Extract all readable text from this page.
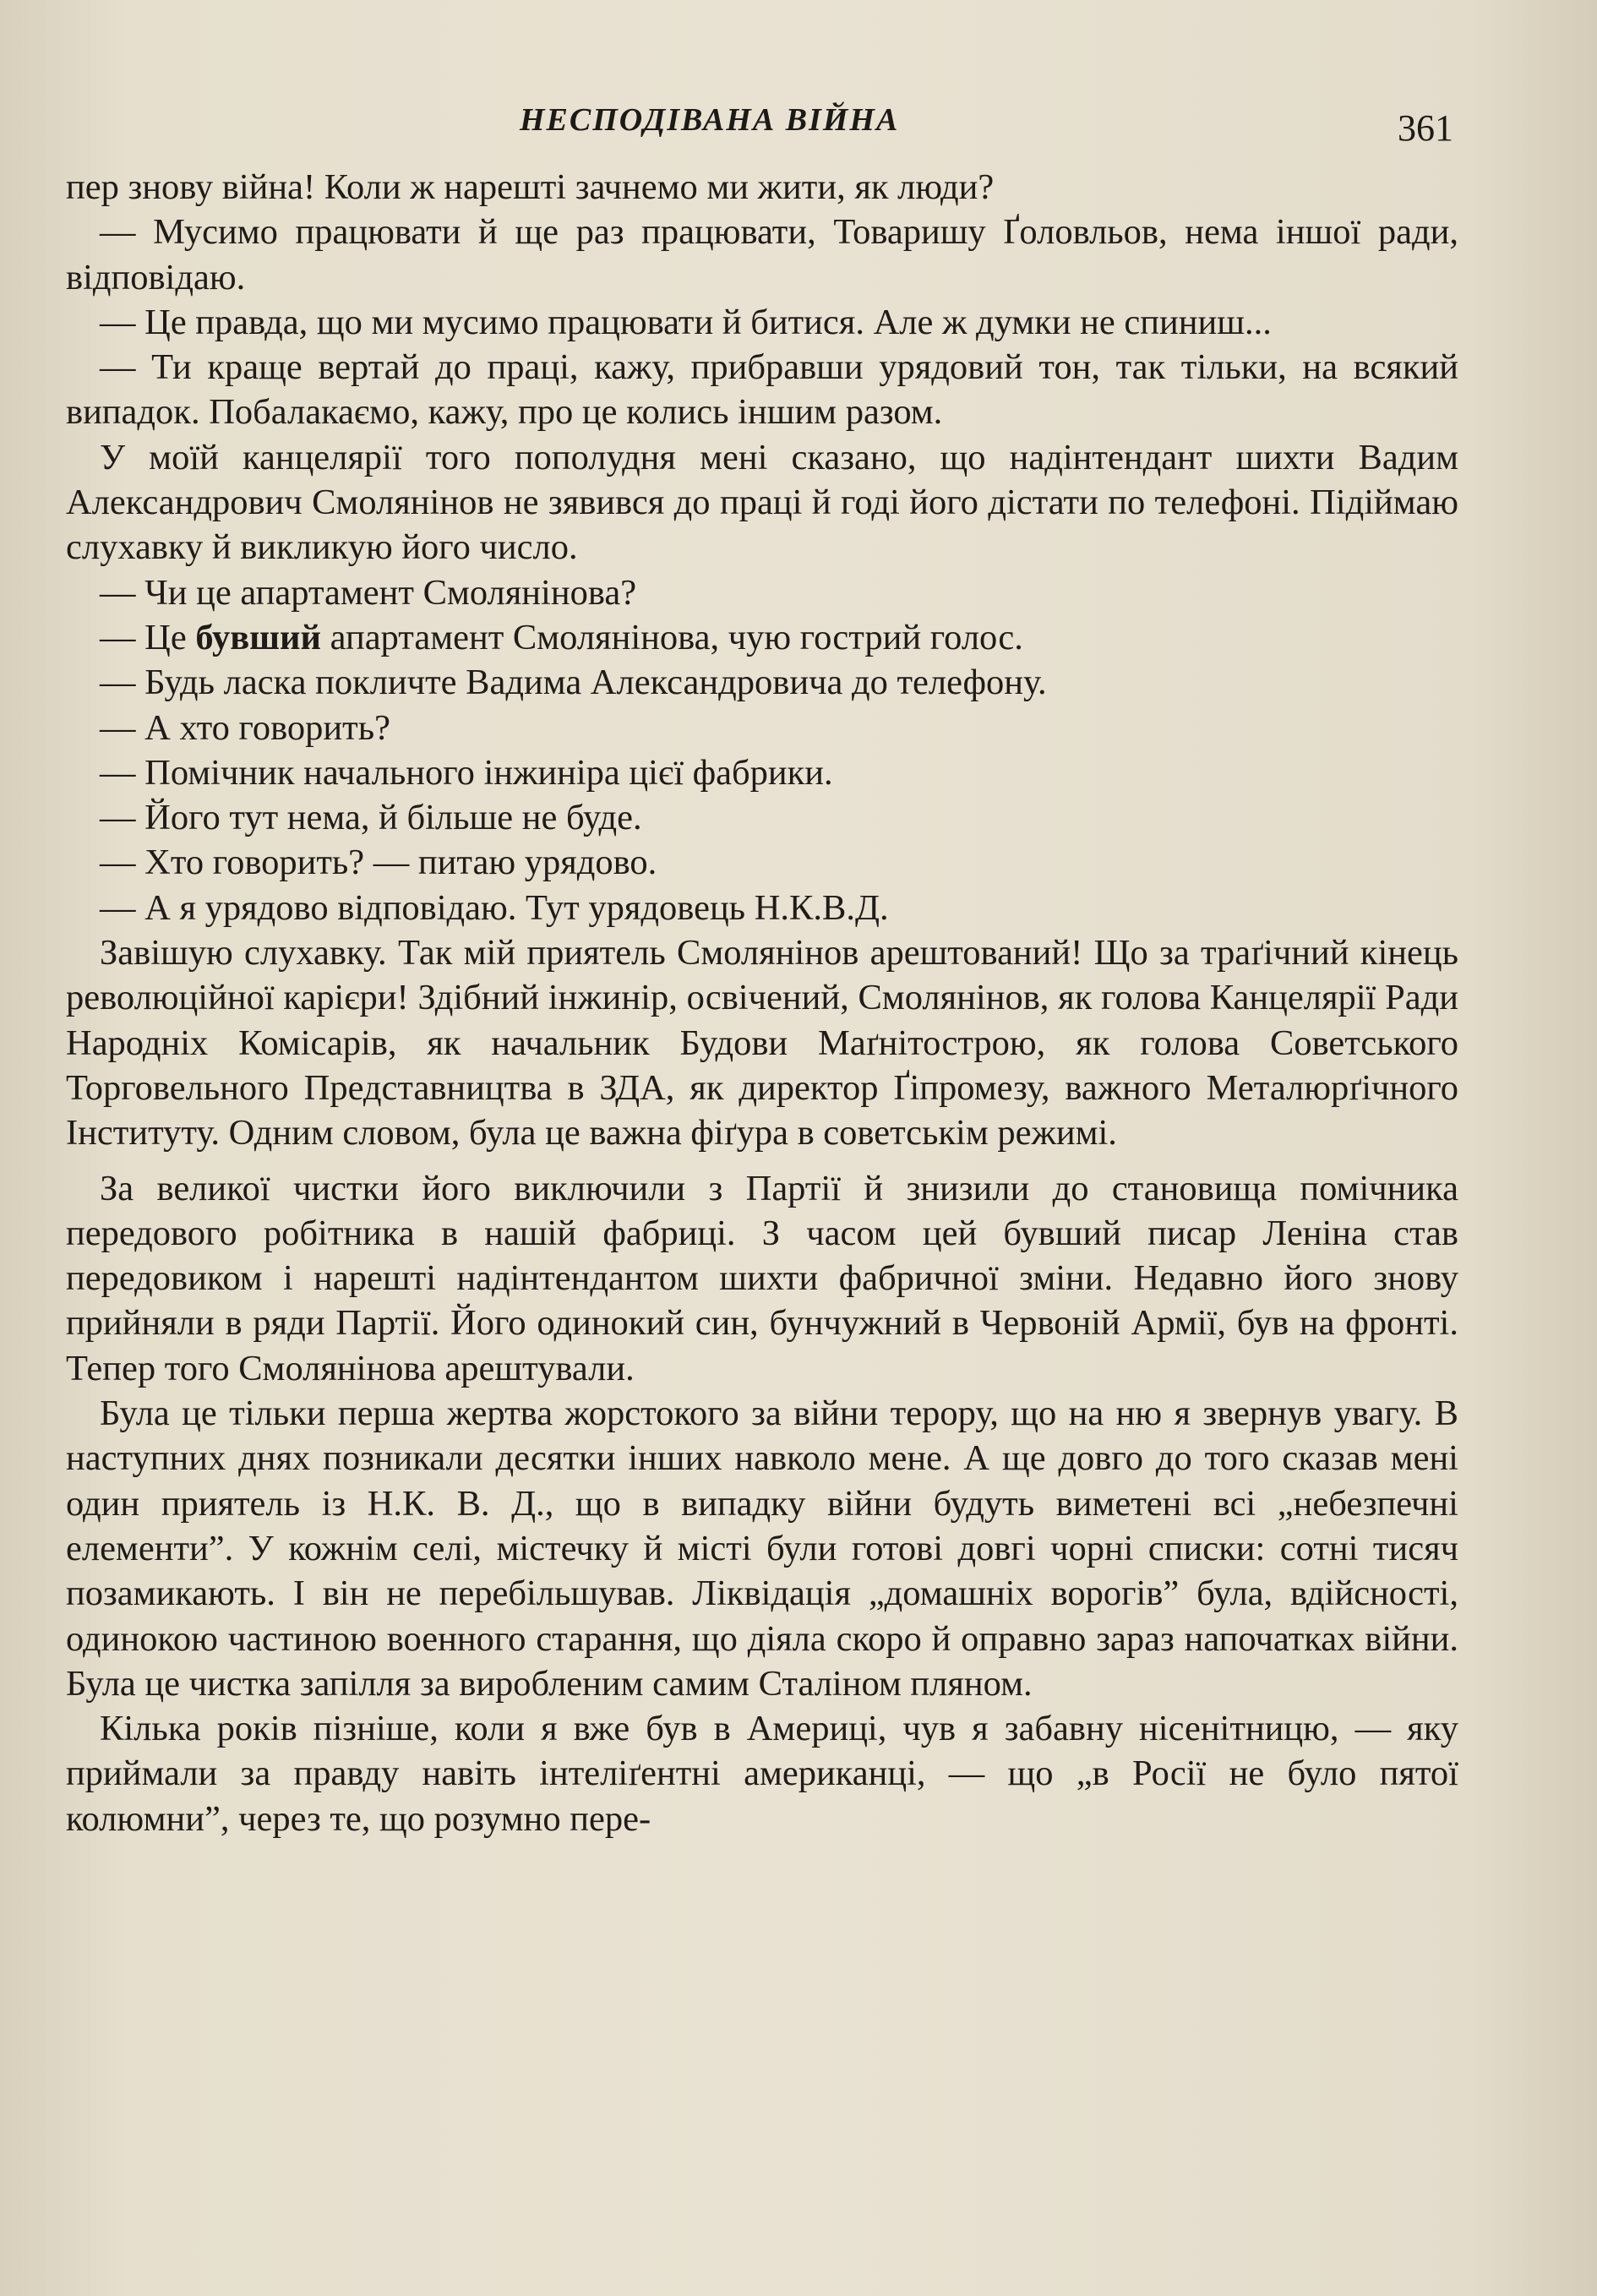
НЕСПОДІВАНА ВІЙНА	361

пер знову війна! Коли ж нарешті зачнемо ми жити, як люди?

— Мусимо працювати й ще раз працювати, Товаришу Ґоловльов, нема іншої ради, відповідаю.

— Це правда, що ми мусимо працювати й битися. Але ж думки не спиниш...

— Ти краще вертай до праці, кажу, прибравши урядовий тон, так тільки, на всякий випадок. Побалакаємо, кажу, про це колись іншим разом.

У моїй канцелярії того пополудня мені сказано, що надінтендант шихти Вадим Александрович Смолянінов не зявився до праці й годі його дістати по телефоні. Підіймаю слухавку й викликую його число.

— Чи це апартамент Смолянінова?

— Це бувший апартамент Смолянінова, чую гострий голос.

— Будь ласка покличте Вадима Александровича до телефону.

— А хто говорить?

— Помічник начального інжиніра цієї фабрики.

— Його тут нема, й більше не буде.

— Хто говорить? — питаю урядово.

— А я урядово відповідаю. Тут урядовець Н.К.В.Д.

Завішую слухавку. Так мій приятель Смолянінов арештований! Що за траґічний кінець революційної карієри! Здібний інжинір, освічений, Смолянінов, як голова Канцелярії Ради Народніх Комісарів, як начальник Будови Маґнітострою, як голова Советського Торговельного Представництва в ЗДА, як директор Ґіпромезу, важного Металюрґічного Інституту. Одним словом, була це важна фіґура в советськім режимі.

За великої чистки його виключили з Партії й знизили до становища помічника передового робітника в нашій фабриці. З часом цей бувший писар Леніна став передовиком і нарешті надінтендантом шихти фабричної зміни. Недавно його знову прийняли в ряди Партії. Його одинокий син, бунчужний в Червоній Армії, був на фронті. Тепер того Смолянінова арештували.

Була це тільки перша жертва жорстокого за війни терору, що на ню я звернув увагу. В наступних днях позникали десятки інших навколо мене. А ще довго до того сказав мені один приятель із Н.К. В. Д., що в випадку війни будуть виметені всі „небезпечні елементи”. У кожнім селі, містечку й місті були готові довгі чорні списки: сотні тисяч позамикають. І він не перебільшував. Ліквідація „домашніх ворогів” була, вдійсності, одинокою частиною военного старання, що діяла скоро й оправно зараз напочатках війни. Була це чистка запілля за виробленим самим Сталіном пляном.

Кілька років пізніше, коли я вже був в Америці, чув я забавну нісенітницю, — яку приймали за правду навіть інтеліґентні американці, — що „в Росії не було пятої колюмни”, через те, що розумно пере-
